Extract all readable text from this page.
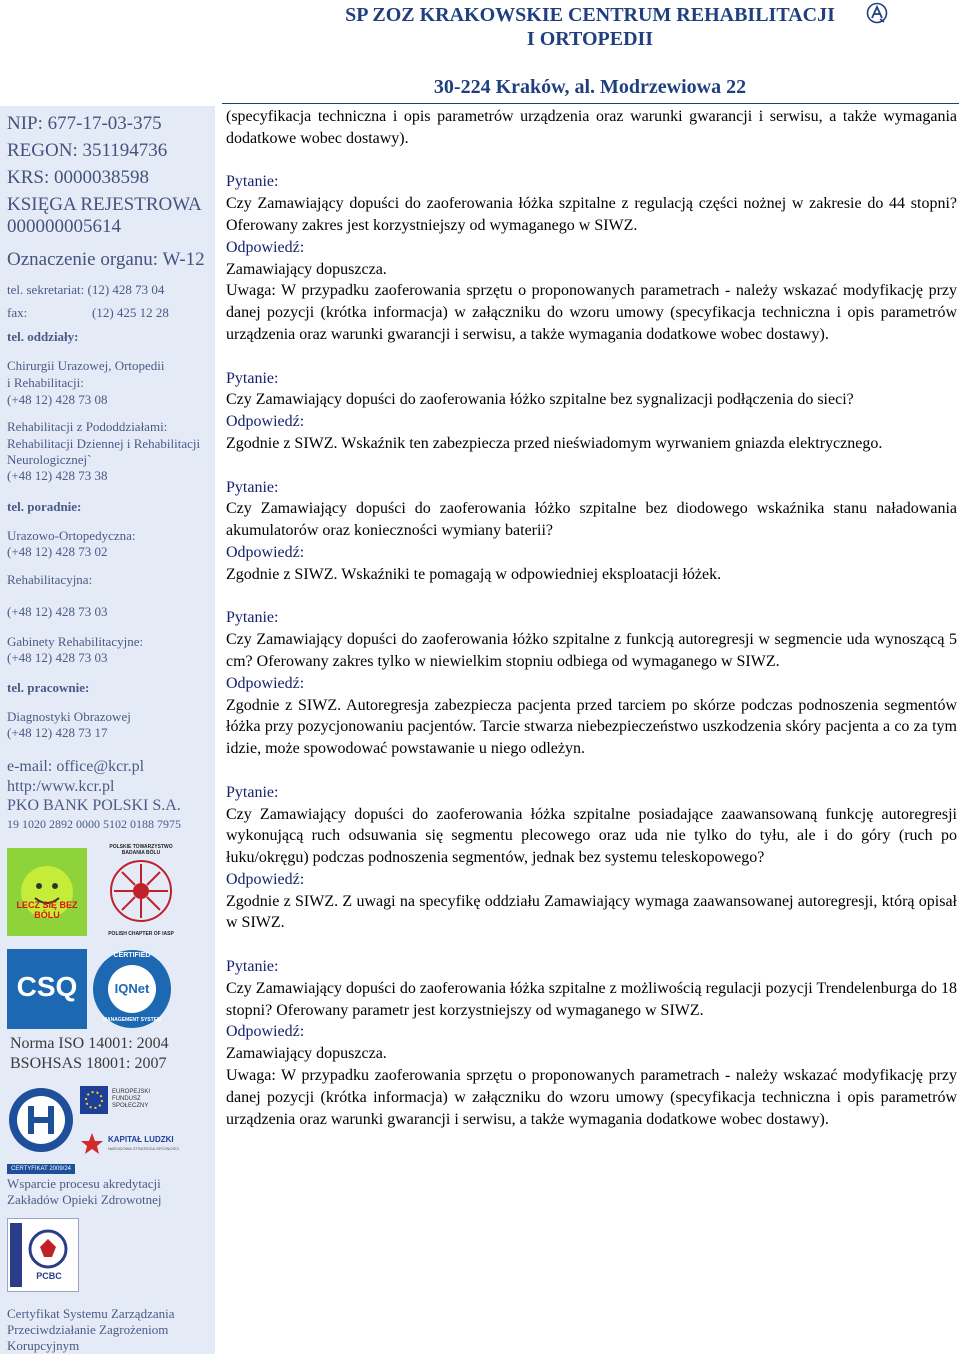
SP ZOZ KRAKOWSKIE CENTRUM REHABILITACJI
I ORTOPEDII
30-224 Kraków, al. Modrzewiowa 22
NIP: 677-17-03-375
REGON: 351194736
KRS: 0000038598
KSIĘGA REJESTROWA
000000005614
Oznaczenie organu: W-12
tel. sekretariat: (12) 428 73 04
fax:	(12) 425 12 28
tel. oddziały:
Chirurgii Urazowej, Ortopedii
i Rehabilitacji:
(+48 12) 428 73 08
Rehabilitacji z Pododdziałami:
Rehabilitacji Dziennej i Rehabilitacji
Neurologicznej`
(+48 12) 428 73 38
tel. poradnie:
Urazowo-Ortopedyczna:
(+48 12) 428 73 02
Rehabilitacyjna:
(+48 12) 428 73 03
Gabinety Rehabilitacyjne:
(+48 12) 428 73 03
tel. pracownie:
Diagnostyki Obrazowej
(+48 12) 428 73 17
e-mail: office@kcr.pl
http:/www.kcr.pl
PKO BANK POLSKI S.A.
19 1020 2892 0000 5102 0188 7975
LECZ SIĘ BEZ BÓLU
POLSKIE TOWARZYSTWO BADANIA BÓLU
POLISH CHAPTER OF IASP
CSQ
CERTIFIED
IQNet
MANAGEMENT SYSTEM
Norma ISO 14001: 2004
BSOHSAS 18001: 2007
CERTYFIKAT 2009/24
EUROPEJSKI FUNDUSZ SPOŁECZNY
KAPITAŁ LUDZKI
NARODOWA STRATEGIA SPÓJNOŚCI
Wsparcie procesu akredytacji
Zakładów Opieki Zdrowotnej
PCBC
Certyfikat Systemu Zarządzania
Przeciwdziałanie Zagrożeniom
Korupcyjnym

(specyfikacja techniczna i opis parametrów urządzenia oraz warunki gwarancji i serwisu, a także wymagania dodatkowe wobec dostawy).

Pytanie:

Czy Zamawiający dopuści do zaoferowania łóżka szpitalne z regulacją części nożnej w zakresie do 44 stopni? Oferowany zakres jest korzystniejszy od wymaganego w SIWZ.

Odpowiedź:

Zamawiający dopuszcza.

Uwaga: W przypadku zaoferowania sprzętu o proponowanych parametrach - należy wskazać modyfikację przy danej pozycji (krótka informacja) w załączniku do wzoru umowy (specyfikacja techniczna i opis parametrów urządzenia oraz warunki gwarancji i serwisu, a także wymagania dodatkowe wobec dostawy).

Pytanie:

Czy Zamawiający dopuści do zaoferowania łóżko szpitalne bez sygnalizacji podłączenia do sieci?

Odpowiedź:

Zgodnie z SIWZ. Wskaźnik ten zabezpiecza przed nieświadomym wyrwaniem gniazda elektrycznego.

Pytanie:

Czy Zamawiający dopuści do zaoferowania łóżko szpitalne bez diodowego wskaźnika stanu naładowania akumulatorów oraz konieczności wymiany baterii?

Odpowiedź:

Zgodnie z SIWZ. Wskaźniki te pomagają w odpowiedniej eksploatacji łóżek.

Pytanie:

Czy Zamawiający dopuści do zaoferowania łóżko szpitalne z funkcją autoregresji w segmencie uda wynoszącą 5 cm? Oferowany zakres tylko w niewielkim stopniu odbiega od wymaganego w SIWZ.

Odpowiedź:

Zgodnie z SIWZ. Autoregresja zabezpiecza pacjenta przed tarciem po skórze podczas podnoszenia segmentów łóżka przy pozycjonowaniu pacjentów. Tarcie stwarza niebezpieczeństwo uszkodzenia skóry pacjenta a co za tym idzie, może spowodować powstawanie u niego odleżyn.

Pytanie:

Czy Zamawiający dopuści do zaoferowania łóżka szpitalne posiadające zaawansowaną funkcję autoregresji wykonującą ruch odsuwania się segmentu plecowego oraz uda nie tylko do tyłu, ale i do góry (ruch po łuku/okręgu) podczas podnoszenia segmentów, jednak bez systemu teleskopowego?

Odpowiedź:

Zgodnie z SIWZ. Z uwagi na specyfikę oddziału Zamawiający wymaga zaawansowanej autoregresji, którą opisał w SIWZ.

Pytanie:

Czy Zamawiający dopuści do zaoferowania łóżka szpitalne z możliwością regulacji pozycji Trendelenburga do 18 stopni? Oferowany parametr jest korzystniejszy od wymaganego w SIWZ.

Odpowiedź:

Zamawiający dopuszcza.

Uwaga: W przypadku zaoferowania sprzętu o proponowanych parametrach - należy wskazać modyfikację przy danej pozycji (krótka informacja) w załączniku do wzoru umowy (specyfikacja techniczna i opis parametrów urządzenia oraz warunki gwarancji i serwisu, a także wymagania dodatkowe wobec dostawy).
